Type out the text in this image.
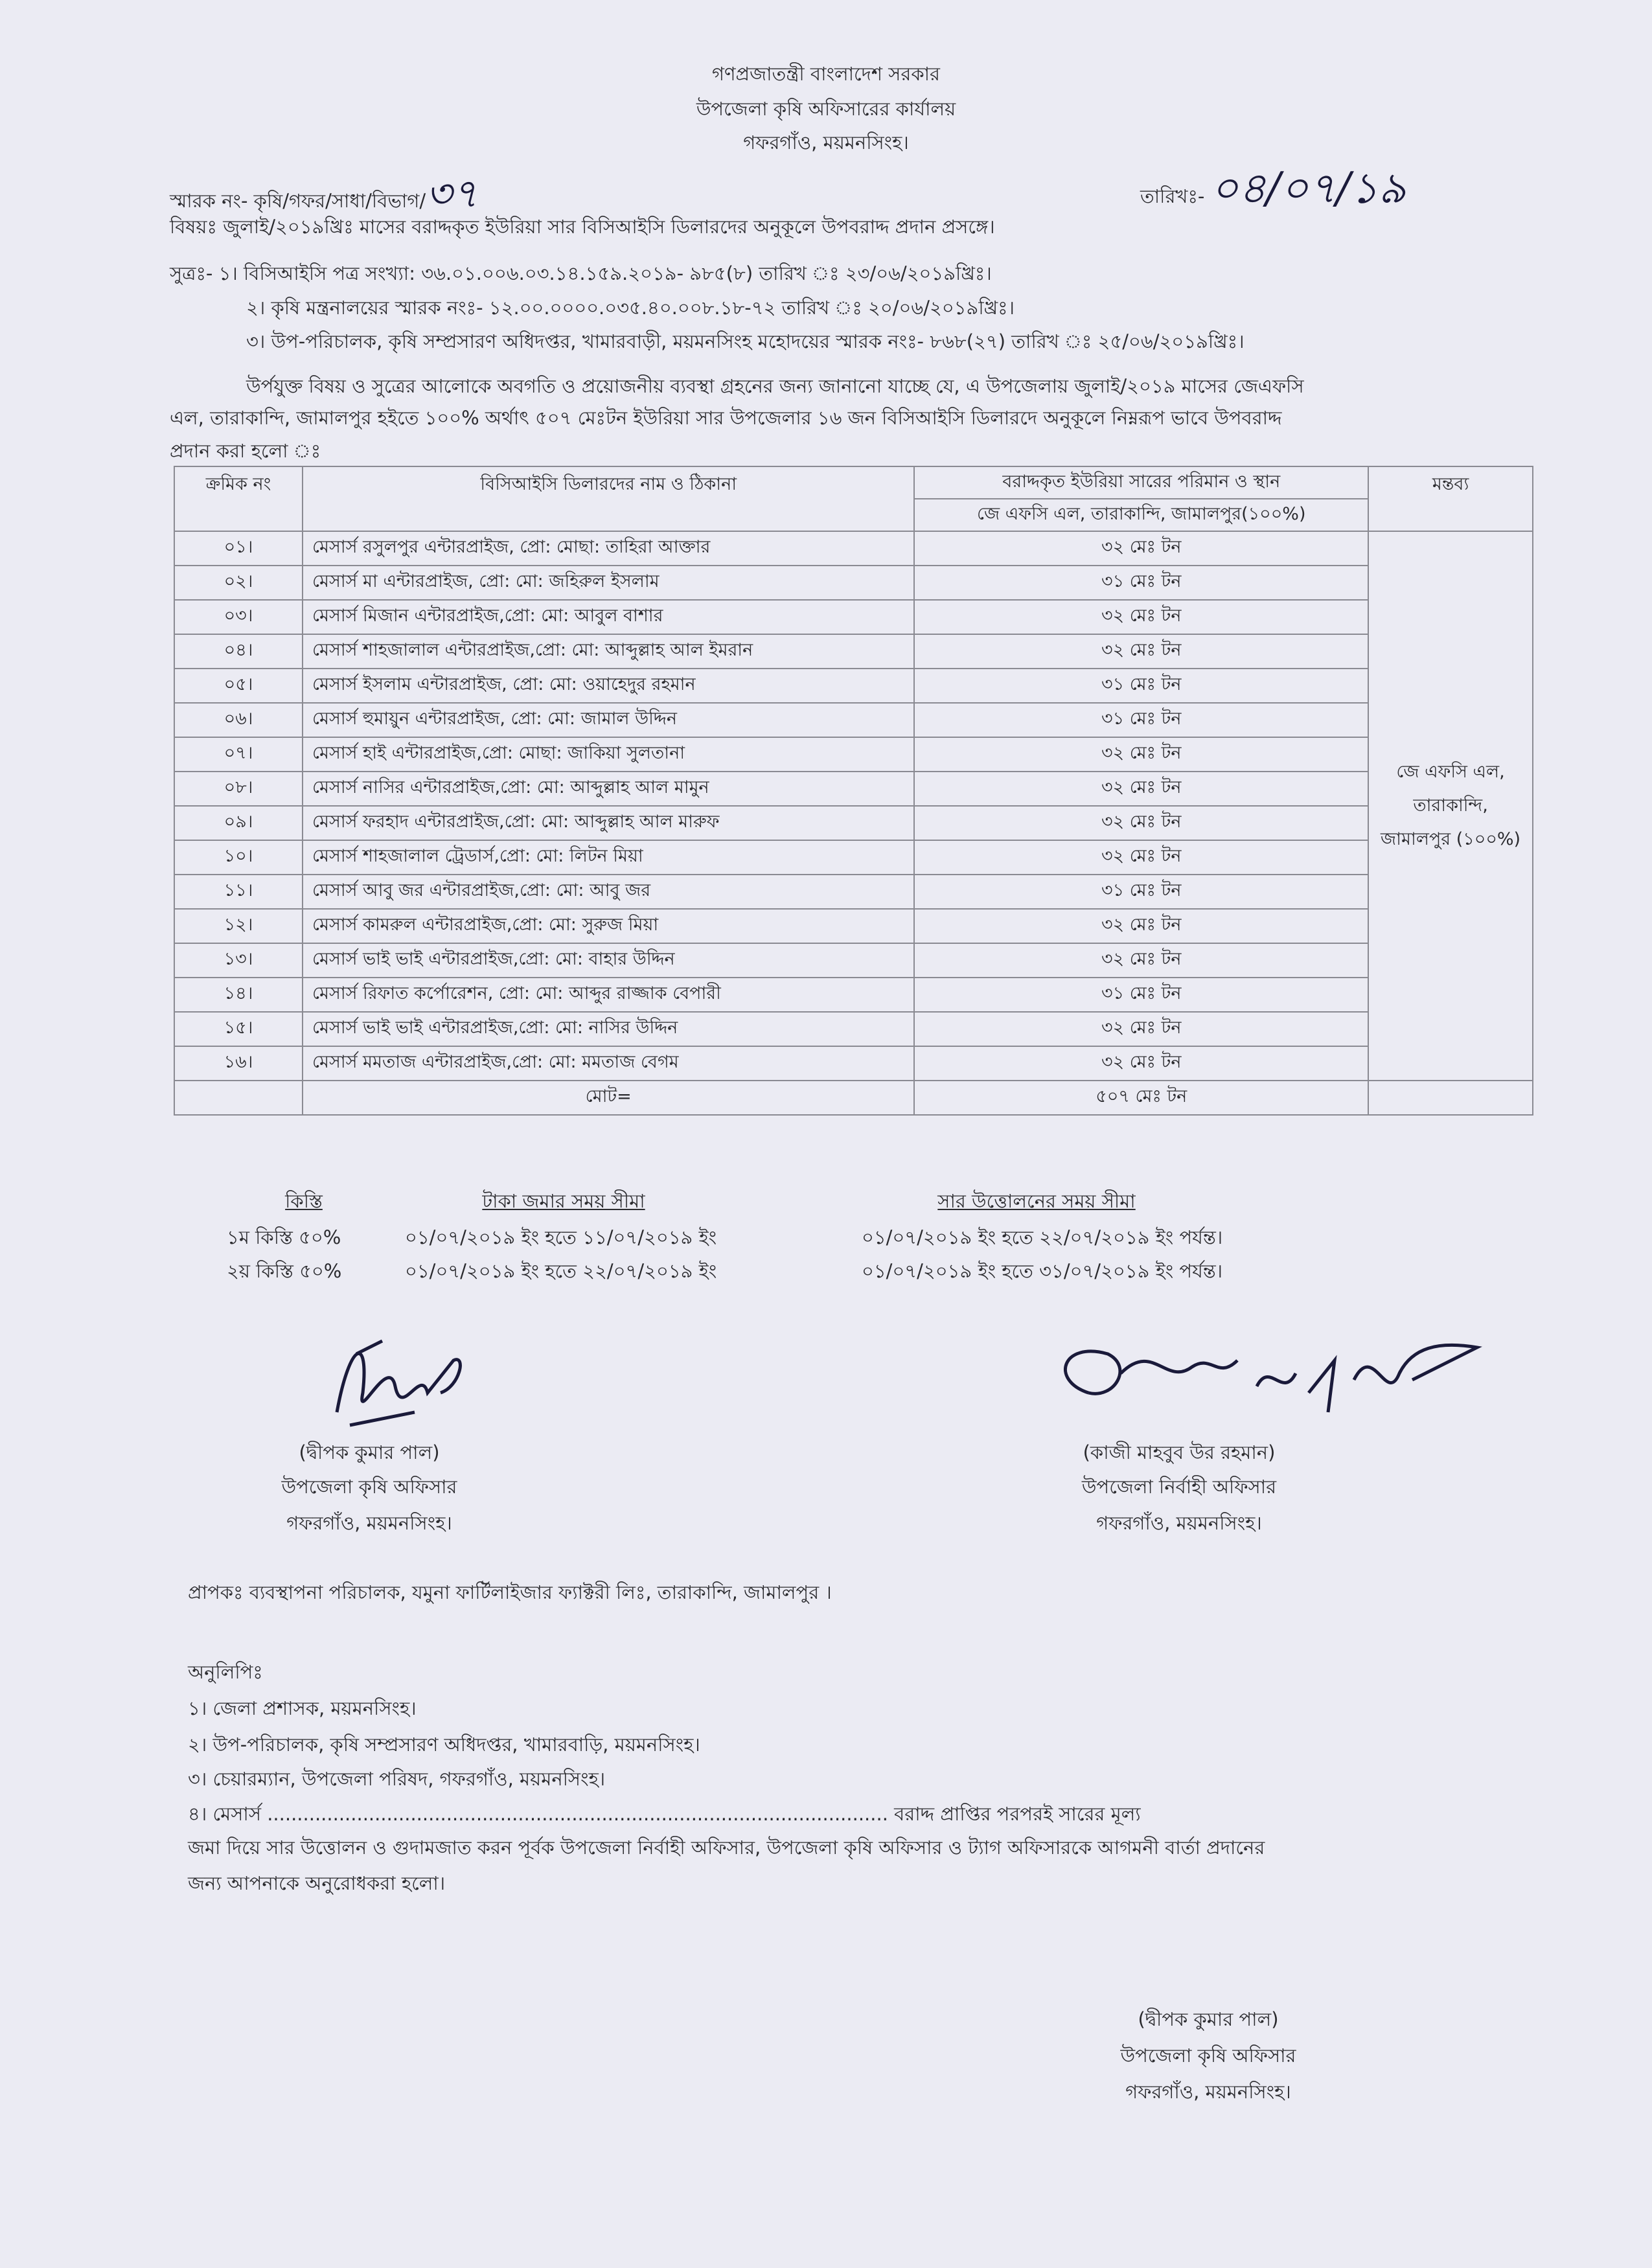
গণপ্রজাতন্ত্রী বাংলাদেশ সরকার
উপজেলা কৃষি অফিসারের কার্যালয়
গফরগাঁও, ময়মনসিংহ।
স্মারক নং- কৃষি/গফর/সাধা/বিভাগ/৩৭	তারিখঃ- ০৪/০৭/১৯
বিষয়ঃ জুলাই/২০১৯খ্রিঃ মাসের বরাদ্দকৃত ইউরিয়া সার বিসিআইসি ডিলারদের অনুকূলে উপবরাদ্দ প্রদান প্রসঙ্গে।
সুত্রঃ- ১। বিসিআইসি পত্র সংখ্যা: ৩৬.০১.০০৬.০৩.১৪.১৫৯.২০১৯- ৯৮৫(৮) তারিখ ঃ ২৩/০৬/২০১৯খ্রিঃ।
২। কৃষি মন্ত্রনালয়ের স্মারক নংঃ- ১২.০০.০০০০.০৩৫.৪০.০০৮.১৮-৭২ তারিখ ঃ ২০/০৬/২০১৯খ্রিঃ।
৩। উপ-পরিচালক, কৃষি সম্প্রসারণ অধিদপ্তর, খামারবাড়ী, ময়মনসিংহ মহোদয়ের স্মারক নংঃ- ৮৬৮(২৭) তারিখ ঃ ২৫/০৬/২০১৯খ্রিঃ।
উর্পযুক্ত বিষয় ও সুত্রের আলোকে অবগতি ও প্রয়োজনীয় ব্যবস্থা গ্রহনের জন্য জানানো যাচ্ছে যে, এ উপজেলায় জুলাই/২০১৯ মাসের জেএফসি
এল, তারাকান্দি, জামালপুর হইতে ১০০% অর্থাৎ ৫০৭ মেঃটন ইউরিয়া সার উপজেলার ১৬ জন বিসিআইসি ডিলারদে অনুকূলে নিম্নরূপ ভাবে উপবরাদ্দ
প্রদান করা হলো ঃ
ক্রমিক নং	বিসিআইসি ডিলারদের নাম ও ঠিকানা	বরাদ্দকৃত ইউরিয়া সারের পরিমান ও স্থান	মন্তব্য
		জে এফসি এল, তারাকান্দি, জামালপুর(১০০%)	
০১।	মেসার্স রসুলপুর এন্টারপ্রাইজ, প্রো: মোছা: তাহিরা আক্তার	৩২ মেঃ টন	জে এফসি এল, তারাকান্দি, জামালপুর (১০০%)
০২।	মেসার্স মা এন্টারপ্রাইজ, প্রো: মো: জহিরুল ইসলাম	৩১ মেঃ টন	
০৩।	মেসার্স মিজান এন্টারপ্রাইজ,প্রো: মো: আবুল বাশার	৩২ মেঃ টন	
০৪।	মেসার্স শাহজালাল এন্টারপ্রাইজ,প্রো: মো: আব্দুল্লাহ আল ইমরান	৩২ মেঃ টন	
০৫।	মেসার্স ইসলাম এন্টারপ্রাইজ, প্রো: মো: ওয়াহেদুর রহমান	৩১ মেঃ টন	
০৬।	মেসার্স হুমায়ুন এন্টারপ্রাইজ, প্রো: মো: জামাল উদ্দিন	৩১ মেঃ টন	
০৭।	মেসার্স হাই এন্টারপ্রাইজ,প্রো: মোছা: জাকিয়া সুলতানা	৩২ মেঃ টন	
০৮।	মেসার্স নাসির এন্টারপ্রাইজ,প্রো: মো: আব্দুল্লাহ আল মামুন	৩২ মেঃ টন	
০৯।	মেসার্স ফরহাদ এন্টারপ্রাইজ,প্রো: মো: আব্দুল্লাহ আল মারুফ	৩২ মেঃ টন	
১০।	মেসার্স শাহজালাল ট্রেডার্স,প্রো: মো: লিটন মিয়া	৩২ মেঃ টন	
১১।	মেসার্স আবু জর এন্টারপ্রাইজ,প্রো: মো: আবু জর	৩১ মেঃ টন	
১২।	মেসার্স কামরুল এন্টারপ্রাইজ,প্রো: মো: সুরুজ মিয়া	৩২ মেঃ টন	
১৩।	মেসার্স ভাই ভাই এন্টারপ্রাইজ,প্রো: মো: বাহার উদ্দিন	৩২ মেঃ টন	
১৪।	মেসার্স রিফাত কর্পোরেশন, প্রো: মো: আব্দুর রাজ্জাক বেপারী	৩১ মেঃ টন	
১৫।	মেসার্স ভাই ভাই এন্টারপ্রাইজ,প্রো: মো: নাসির উদ্দিন	৩২ মেঃ টন	
১৬।	মেসার্স মমতাজ এন্টারপ্রাইজ,প্রো: মো: মমতাজ বেগম	৩২ মেঃ টন	
	মোট=	৫০৭ মেঃ টন	
কিস্তি	টাকা জমার সময় সীমা	সার উত্তোলনের সময় সীমা
১ম কিস্তি ৫০%	০১/০৭/২০১৯ ইং হতে ১১/০৭/২০১৯ ইং	০১/০৭/২০১৯ ইং হতে ২২/০৭/২০১৯ ইং পর্যন্ত।
২য় কিস্তি ৫০%	০১/০৭/২০১৯ ইং হতে ২২/০৭/২০১৯ ইং	০১/০৭/২০১৯ ইং হতে ৩১/০৭/২০১৯ ইং পর্যন্ত।
(দ্বীপক কুমার পাল)
উপজেলা কৃষি অফিসার
গফরগাঁও, ময়মনসিংহ।
(কাজী মাহবুব উর রহমান)
উপজেলা নির্বাহী অফিসার
গফরগাঁও, ময়মনসিংহ।
প্রাপকঃ ব্যবস্থাপনা পরিচালক, যমুনা ফার্টিলাইজার ফ্যাক্টরী লিঃ, তারাকান্দি, জামালপুর ।
অনুলিপিঃ
১। জেলা প্রশাসক, ময়মনসিংহ।
২। উপ-পরিচালক, কৃষি সম্প্রসারণ অধিদপ্তর, খামারবাড়ি, ময়মনসিংহ।
৩। চেয়ারম্যান, উপজেলা পরিষদ, গফরগাঁও, ময়মনসিংহ।
৪। মেসার্স ........................................................................................................ বরাদ্দ প্রাপ্তির পরপরই সারের মূল্য
জমা দিয়ে সার উত্তোলন ও গুদামজাত করন পূর্বক উপজেলা নির্বাহী অফিসার, উপজেলা কৃষি অফিসার ও ট্যাগ অফিসারকে আগমনী বার্তা প্রদানের
জন্য আপনাকে অনুরোধকরা হলো।
(দ্বীপক কুমার পাল)
উপজেলা কৃষি অফিসার
গফরগাঁও, ময়মনসিংহ।
